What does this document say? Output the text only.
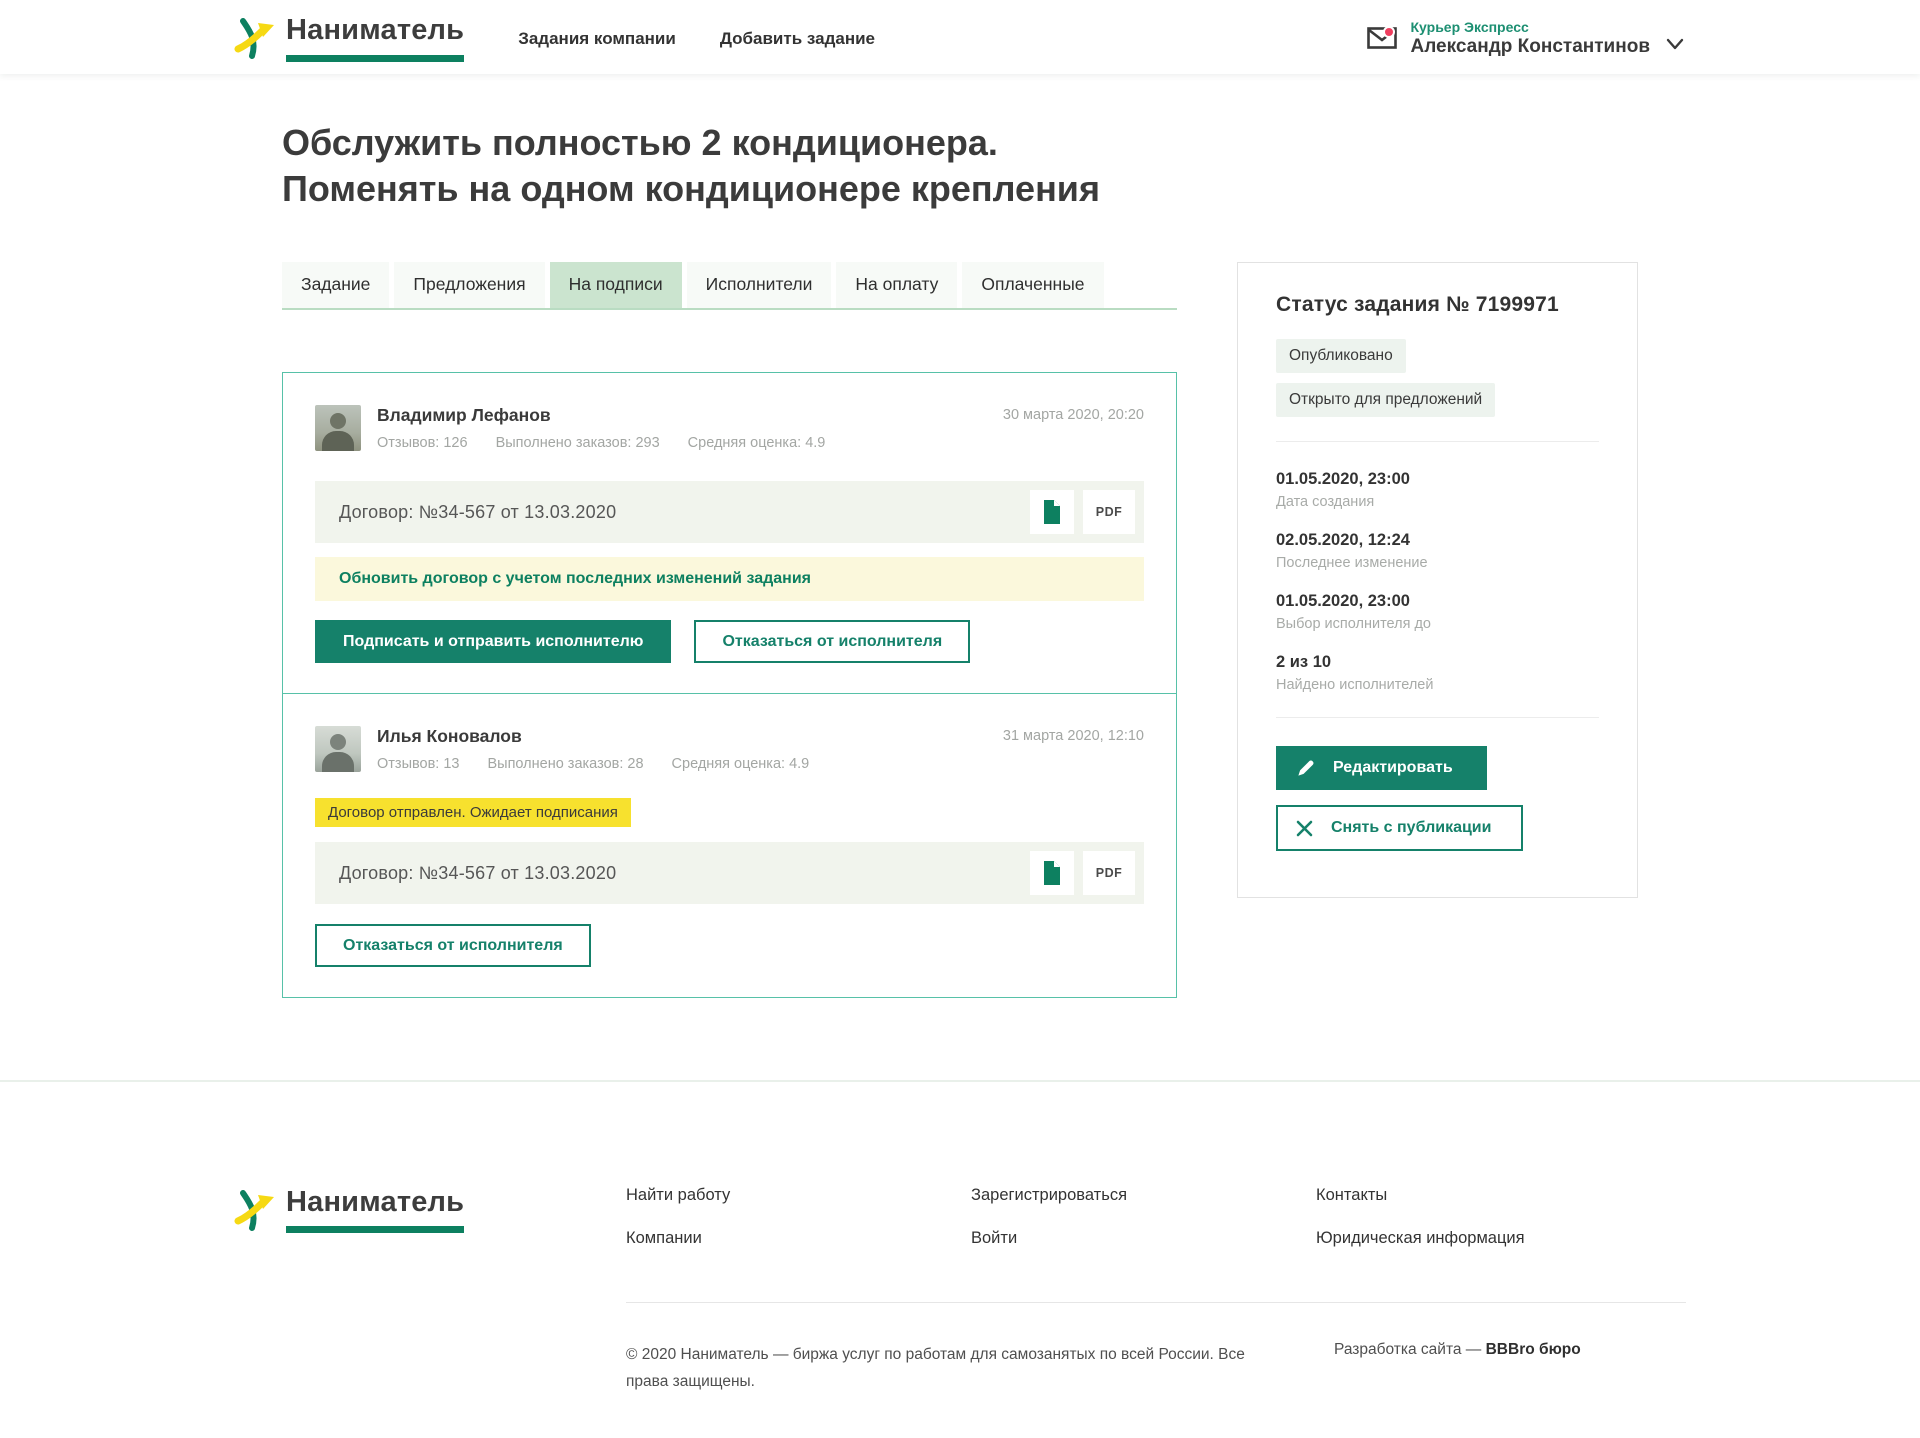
Наниматель	Задания компании	Добавить задание
Курьер Экспресс
Александр Константинов
Обслужить полностью 2 кондиционера.
Поменять на одном кондиционере крепления
Задание	Предложения	На подписи	Исполнители	На оплату	Оплаченные
Владимир Лефанов
Отзывов: 126 Выполнено заказов: 293 Средняя оценка: 4.9
30 марта 2020, 20:20
Договор: №34-567 от 13.03.2020	PDF
Обновить договор с учетом последних изменений задания
Подписать и отправить исполнителю	Отказаться от исполнителя
Илья Коновалов
Отзывов: 13 Выполнено заказов: 28 Средняя оценка: 4.9
31 марта 2020, 12:10
Договор отправлен. Ожидает подписания
Договор: №34-567 от 13.03.2020	PDF
Отказаться от исполнителя
Статус задания № 7199971
Опубликовано
Открыто для предложений
01.05.2020, 23:00
Дата создания
02.05.2020, 12:24
Последнее изменение
01.05.2020, 23:00
Выбор исполнителя до
2 из 10
Найдено исполнителей
Редактировать

Снять с публикации
Наниматель	Найти работу
Компании
Зарегистрироваться
Войти
Контакты
Юридическая информация
© 2020 Наниматель — биржа услуг по работам для самозанятых по всей России. Все права защищены.
Разработка сайта — BBBro бюро
